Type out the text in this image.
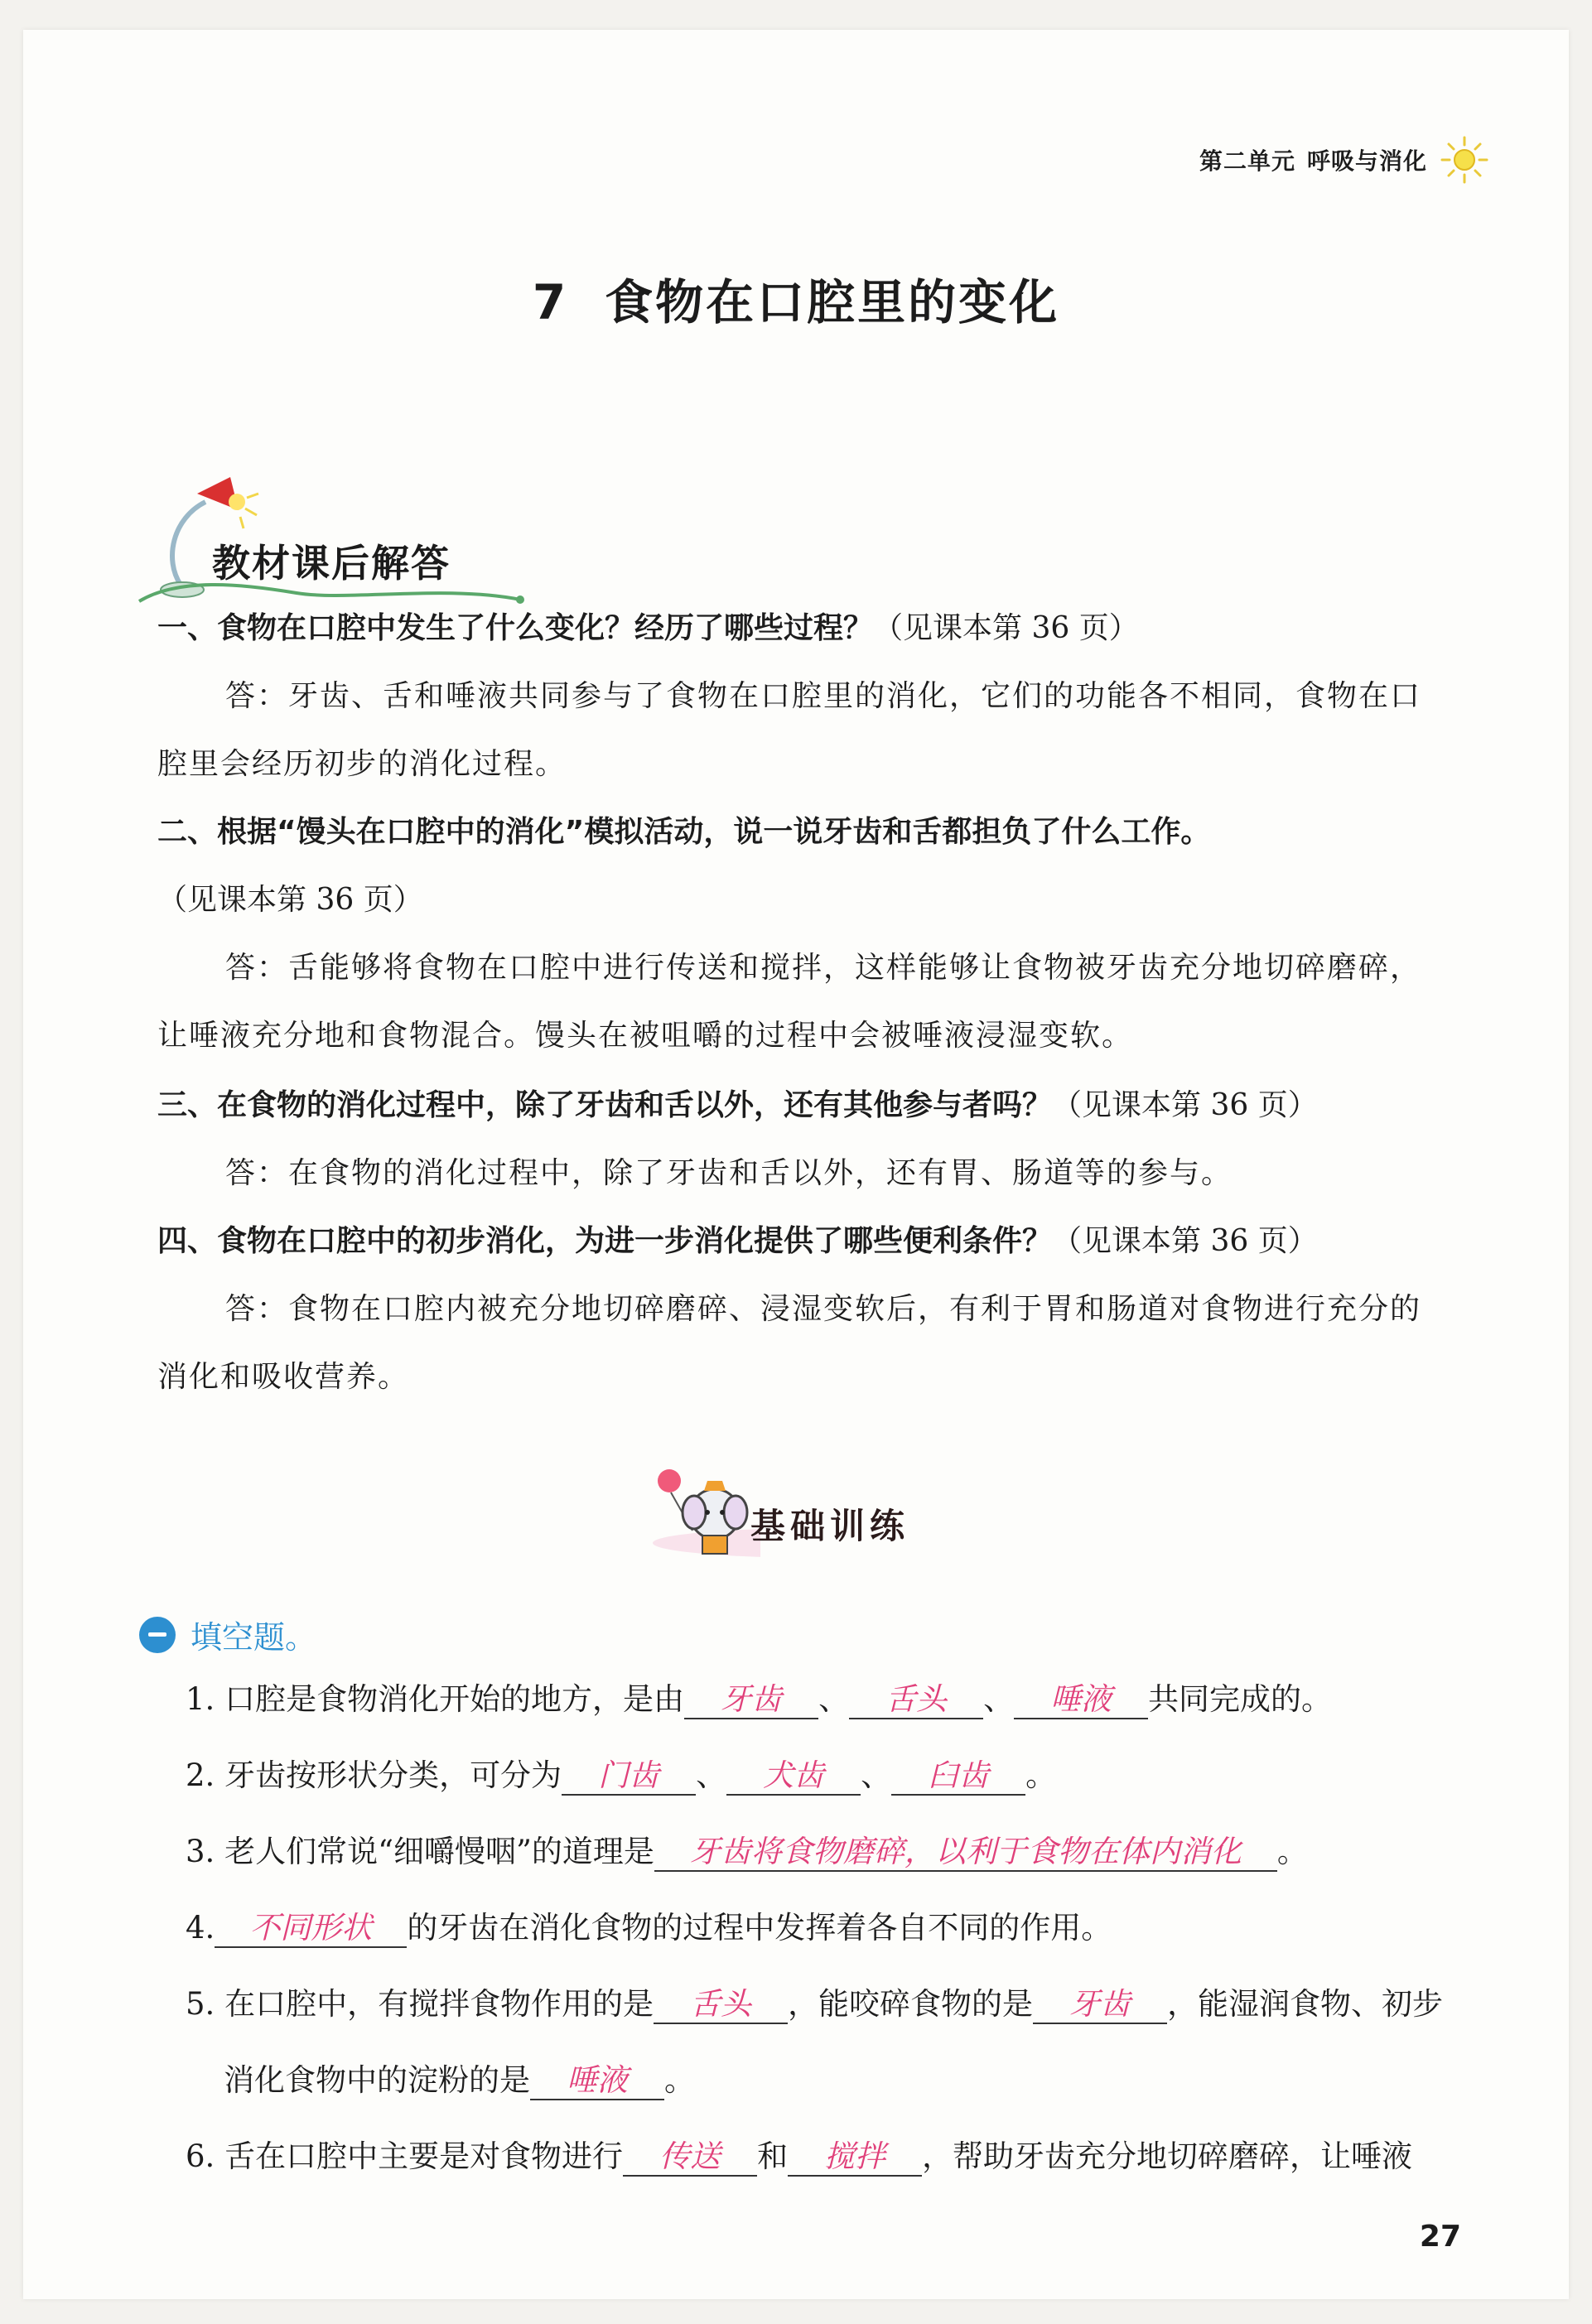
第二单元 呼吸与消化
7 食物在口腔里的变化
教材课后解答
一、食物在口腔中发生了什么变化？经历了哪些过程？（见课本第 36 页）
答：牙齿、舌和唾液共同参与了食物在口腔里的消化，它们的功能各不相同，食物在口腔里会经历初步的消化过程。
二、根据“馒头在口腔中的消化”模拟活动，说一说牙齿和舌都担负了什么工作。（见课本第 36 页）
答：舌能够将食物在口腔中进行传送和搅拌，这样能够让食物被牙齿充分地切碎磨碎，让唾液充分地和食物混合。馒头在被咀嚼的过程中会被唾液浸湿变软。
三、在食物的消化过程中，除了牙齿和舌以外，还有其他参与者吗？（见课本第 36 页）
答：在食物的消化过程中，除了牙齿和舌以外，还有胃、肠道等的参与。
四、食物在口腔中的初步消化，为进一步消化提供了哪些便利条件？（见课本第 36 页）
答：食物在口腔内被充分地切碎磨碎、浸湿变软后，有利于胃和肠道对食物进行充分的消化和吸收营养。
基础训练
填空题。
1. 口腔是食物消化开始的地方，是由 牙齿 、 舌头 、 唾液 共同完成的。
2. 牙齿按形状分类，可分为 门齿 、 犬齿 、 臼齿 。
3. 老人们常说“细嚼慢咽”的道理是 牙齿将食物磨碎，以利于食物在体内消化 。
4. 不同形状 的牙齿在消化食物的过程中发挥着各自不同的作用。
5. 在口腔中，有搅拌食物作用的是 舌头 ，能咬碎食物的是 牙齿 ，能湿润食物、初步
消化食物中的淀粉的是 唾液 。
6. 舌在口腔中主要是对食物进行 传送 和 搅拌 ，帮助牙齿充分地切碎磨碎，让唾液
27
